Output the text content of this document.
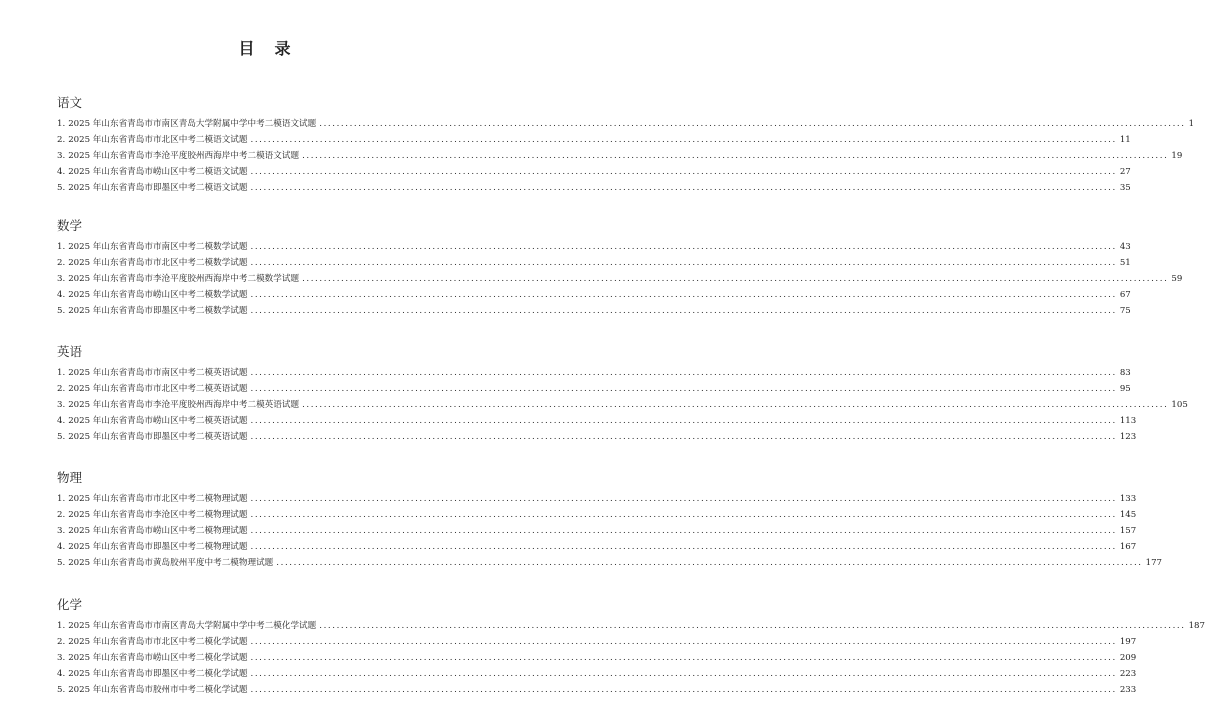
目　录
语文
1. 2025 年山东省青岛市市南区青岛大学附属中学中考二模语文试题 ........................................................................................................................................................................................................ 1
2. 2025 年山东省青岛市市北区中考二模语文试题 ........................................................................................................................................................................................................ 11
3. 2025 年山东省青岛市李沧平度胶州西海岸中考二模语文试题 ........................................................................................................................................................................................................ 19
4. 2025 年山东省青岛市崂山区中考二模语文试题 ........................................................................................................................................................................................................ 27
5. 2025 年山东省青岛市即墨区中考二模语文试题 ........................................................................................................................................................................................................ 35
数学
1. 2025 年山东省青岛市市南区中考二模数学试题 ........................................................................................................................................................................................................ 43
2. 2025 年山东省青岛市市北区中考二模数学试题 ........................................................................................................................................................................................................ 51
3. 2025 年山东省青岛市李沧平度胶州西海岸中考二模数学试题 ........................................................................................................................................................................................................ 59
4. 2025 年山东省青岛市崂山区中考二模数学试题 ........................................................................................................................................................................................................ 67
5. 2025 年山东省青岛市即墨区中考二模数学试题 ........................................................................................................................................................................................................ 75
英语
1. 2025 年山东省青岛市市南区中考二模英语试题 ........................................................................................................................................................................................................ 83
2. 2025 年山东省青岛市市北区中考二模英语试题 ........................................................................................................................................................................................................ 95
3. 2025 年山东省青岛市李沧平度胶州西海岸中考二模英语试题 ........................................................................................................................................................................................................ 105
4. 2025 年山东省青岛市崂山区中考二模英语试题 ........................................................................................................................................................................................................ 113
5. 2025 年山东省青岛市即墨区中考二模英语试题 ........................................................................................................................................................................................................ 123
物理
1. 2025 年山东省青岛市市北区中考二模物理试题 ........................................................................................................................................................................................................ 133
2. 2025 年山东省青岛市李沧区中考二模物理试题 ........................................................................................................................................................................................................ 145
3. 2025 年山东省青岛市崂山区中考二模物理试题 ........................................................................................................................................................................................................ 157
4. 2025 年山东省青岛市即墨区中考二模物理试题 ........................................................................................................................................................................................................ 167
5. 2025 年山东省青岛市黄岛胶州平度中考二模物理试题 ........................................................................................................................................................................................................ 177
化学
1. 2025 年山东省青岛市市南区青岛大学附属中学中考二模化学试题 ........................................................................................................................................................................................................ 187
2. 2025 年山东省青岛市市北区中考二模化学试题 ........................................................................................................................................................................................................ 197
3. 2025 年山东省青岛市崂山区中考二模化学试题 ........................................................................................................................................................................................................ 209
4. 2025 年山东省青岛市即墨区中考二模化学试题 ........................................................................................................................................................................................................ 223
5. 2025 年山东省青岛市胶州市中考二模化学试题 ........................................................................................................................................................................................................ 233
